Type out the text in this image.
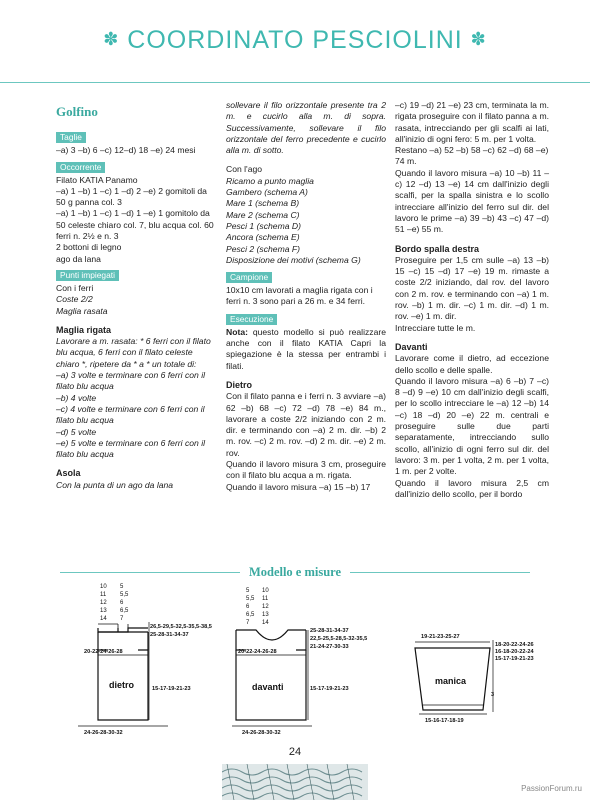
✽ COORDINATO PESCIOLINI ✽
Golfino
Taglie

–a) 3 –b) 6 –c) 12–d) 18 –e) 24 mesi

Occorrente

Filato KATIA Panamo

–a) 1 –b) 1 –c) 1 –d) 2 –e) 2 gomitoli da 50 g panna col. 3

–a) 1 –b) 1 –c) 1 –d) 1 –e) 1 gomitolo da 50 celeste chiaro col. 7, blu acqua col. 60

ferri n. 2½ e n. 3

2 bottoni di legno

ago da lana

Punti impiegati

Con i ferri

Coste 2/2

Maglia rasata

Maglia rigata

Lavorare a m. rasata: * 6 ferri con il filato blu acqua, 6 ferri con il filato celeste chiaro *, ripetere da * a * un totale di:

–a) 3 volte e terminare con 6 ferri con il filato blu acqua

–b) 4 volte

–c) 4 volte e terminare con 6 ferri con il filato blu acqua

–d) 5 volte

–e) 5 volte e terminare con 6 ferri con il filato blu acqua

Asola

Con la punta di un ago da lana

sollevare il filo orizzontale presente tra 2 m. e cucirlo alla m. di sopra. Successivamente, sollevare il filo orizzontale del ferro precedente e cucirlo alla m. di sotto.

Con l'ago

Ricamo a punto maglia

Gambero (schema A)

Mare 1 (schema B)

Mare 2 (schema C)

Pesci 1 (schema D)

Ancora (schema E)

Pesci 2 (schema F)

Disposizione dei motivi (schema G)

Campione

10x10 cm lavorati a maglia rigata con i ferri n. 3 sono pari a 26 m. e 34 ferri.

Esecuzione

Nota: questo modello si può realizzare anche con il filato KATIA Capri la spiegazione è la stessa per entrambi i filati.

Dietro

Con il filato panna e i ferri n. 3 avviare –a) 62 –b) 68 –c) 72 –d) 78 –e) 84 m., lavorare a coste 2/2 iniziando con 2 m. dir. e terminando con –a) 2 m. dir. –b) 2 m. rov. –c) 2 m. rov. –d) 2 m. dir. –e) 2 m. rov.

Quando il lavoro misura 3 cm, proseguire con il filato blu acqua a m. rigata.

Quando il lavoro misura –a) 15 –b) 17

–c) 19 –d) 21 –e) 23 cm, terminata la m. rigata proseguire con il filato panna a m. rasata, intrecciando per gli scalfi ai lati, all'inizio di ogni fero: 5 m. per 1 volta.

Restano –a) 52 –b) 58 –c) 62 –d) 68 –e) 74 m.

Quando il lavoro misura –a) 10 –b) 11 –c) 12 –d) 13 –e) 14 cm dall'inizio degli scalfi, per la spalla sinistra e lo scollo intrecciare all'inizio del ferro sul dir. del lavoro le prime –a) 39 –b) 43 –c) 47 –d) 51 –e) 55 m.

Bordo spalla destra

Proseguire per 1,5 cm sulle –a) 13 –b) 15 –c) 15 –d) 17 –e) 19 m. rimaste a coste 2/2 iniziando, dal rov. del lavoro con 2 m. rov. e terminando con –a) 1 m. rov. –b) 1 m. dir. –c) 1 m. dir. –d) 1 m. rov. –e) 1 m. dir.

Intrecciare tutte le m.

Davanti

Lavorare come il dietro, ad eccezione dello scollo e delle spalle.

Quando il lavoro misura –a) 6 –b) 7 –c) 8 –d) 9 –e) 10 cm dall'inizio degli scalfi, per lo scollo intrecciare le –a) 12 –b) 14 –c) 18 –d) 20 –e) 22 m. centrali e proseguire sulle due parti separatamente, intrecciando sullo scollo, all'inizio di ogni ferro sul dir. del lavoro: 3 m. per 1 volta, 2 m. per 1 volta, 1 m. per 2 volte.

Quando il lavoro misura 2,5 cm dall'inizio dello scollo, per il bordo

Modello e misure
10
11
12
13
14
5
5,5
6
6,5
7
20-22-24-26-28
26,5-29,5-32,5-35,5-38,5
25-28-31-34-37
15-17-19-21-23
dietro
24-26-28-30-32
5
5,5
6
6,5
7
10
11
12
13
14
20-22-24-26-28
25-28-31-34-37
22,5-25,5-28,5-32-35,5
21-24-27-30-33
15-17-19-21-23
davanti
24-26-28-30-32
19-21-23-25-27
18-20-22-24-26
16-18-20-22-24
15-17-19-21-23
3
manica
15-16-17-18-19
24
PassionForum.ru
